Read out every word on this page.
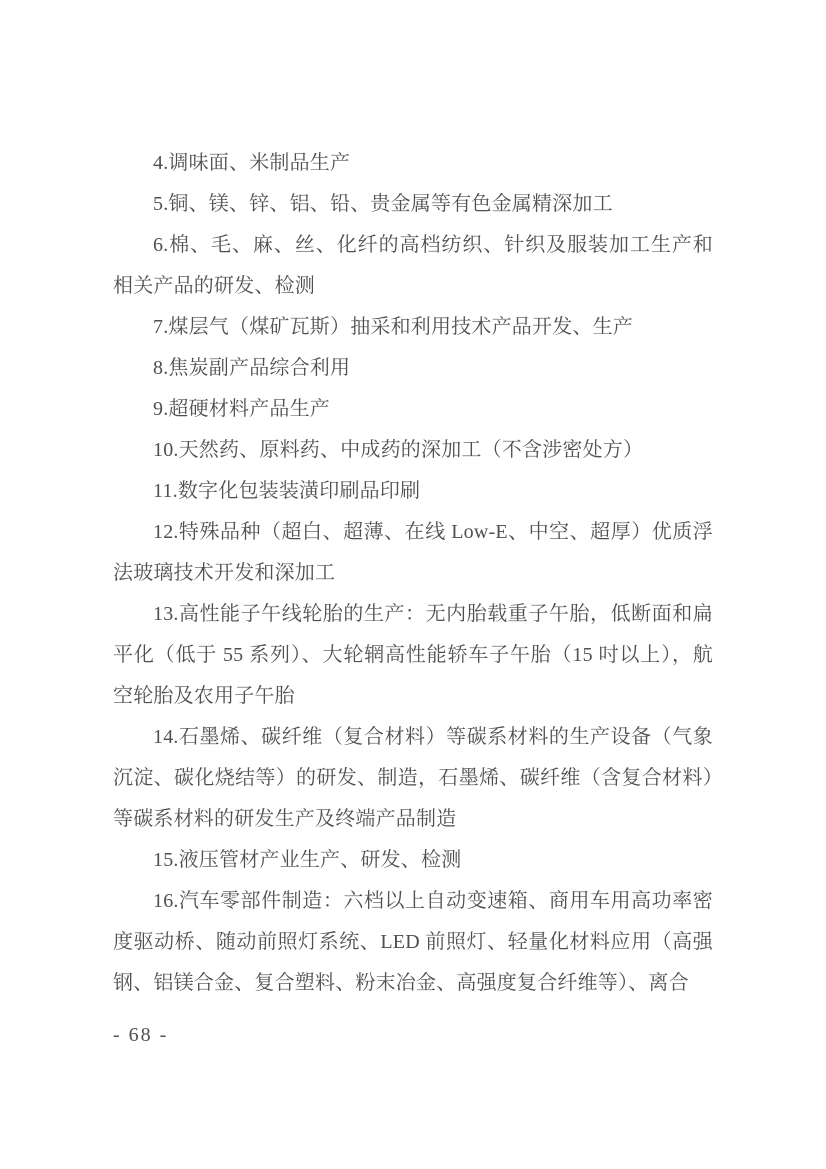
4.调味面、米制品生产

5.铜、镁、锌、铝、铅、贵金属等有色金属精深加工

6.棉、毛、麻、丝、化纤的高档纺织、针织及服装加工生产和相关产品的研发、检测

7.煤层气（煤矿瓦斯）抽采和利用技术产品开发、生产

8.焦炭副产品综合利用

9.超硬材料产品生产

10.天然药、原料药、中成药的深加工（不含涉密处方）

11.数字化包装装潢印刷品印刷

12.特殊品种（超白、超薄、在线 Low-E、中空、超厚）优质浮法玻璃技术开发和深加工

13.高性能子午线轮胎的生产：无内胎载重子午胎，低断面和扁平化（低于 55 系列）、大轮辋高性能轿车子午胎（15 吋以上），航空轮胎及农用子午胎

14.石墨烯、碳纤维（复合材料）等碳系材料的生产设备（气象沉淀、碳化烧结等）的研发、制造，石墨烯、碳纤维（含复合材料）等碳系材料的研发生产及终端产品制造

15.液压管材产业生产、研发、检测

16.汽车零部件制造：六档以上自动变速箱、商用车用高功率密度驱动桥、随动前照灯系统、LED 前照灯、轻量化材料应用（高强钢、铝镁合金、复合塑料、粉末冶金、高强度复合纤维等）、离合

- 68 -
